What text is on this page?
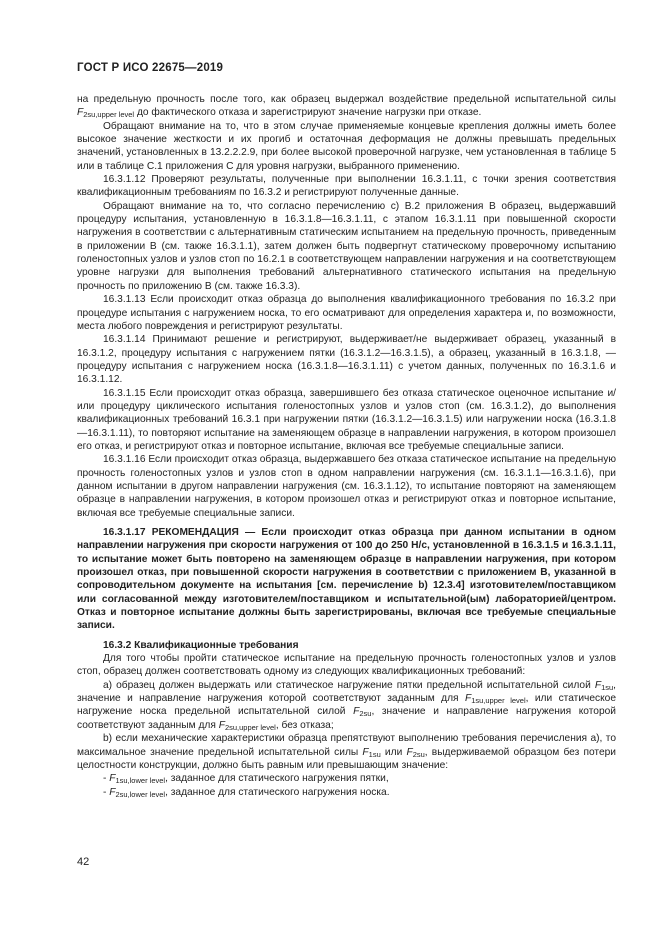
ГОСТ Р ИСО 22675—2019
на предельную прочность после того, как образец выдержал воздействие предельной испытательной силы $F_{2su,upper level}$ до фактического отказа и зарегистрируют значение нагрузки при отказе.
Обращают внимание на то, что в этом случае применяемые концевые крепления должны иметь более высокое значение жесткости и их прогиб и остаточная деформация не должны превышать предельных значений, установленных в 13.2.2.2.9, при более высокой проверочной нагрузке, чем установленная в таблице 5 или в таблице С.1 приложения С для уровня нагрузки, выбранного применению.
16.3.1.12 Проверяют результаты, полученные при выполнении 16.3.1.11, с точки зрения соответствия квалификационным требованиям по 16.3.2 и регистрируют полученные данные.
Обращают внимание на то, что согласно перечислению с) В.2 приложения В образец, выдержавший процедуру испытания, установленную в 16.3.1.8—16.3.1.11, с этапом 16.3.1.11 при повышенной скорости нагружения в соответствии с альтернативным статическим испытанием на предельную прочность, приведенным в приложении В (см. также 16.3.1.1), затем должен быть подвергнут статическому проверочному испытанию голеностопных узлов и узлов стоп по 16.2.1 в соответствующем направлении нагружения и на соответствующем уровне нагрузки для выполнения требований альтернативного статического испытания на предельную прочность по приложению В (см. также 16.3.3).
16.3.1.13 Если происходит отказ образца до выполнения квалификационного требования по 16.3.2 при процедуре испытания с нагружением носка, то его осматривают для определения характера и, по возможности, места любого повреждения и регистрируют результаты.
16.3.1.14 Принимают решение и регистрируют, выдерживает/не выдерживает образец, указанный в 16.3.1.2, процедуру испытания с нагружением пятки (16.3.1.2—16.3.1.5), а образец, указанный в 16.3.1.8, — процедуру испытания с нагружением носка (16.3.1.8—16.3.1.11) с учетом данных, полученных по 16.3.1.6 и 16.3.1.12.
16.3.1.15 Если происходит отказ образца, завершившего без отказа статическое оценочное испытание и/или процедуру циклического испытания голеностопных узлов и узлов стоп (см. 16.3.1.2), до выполнения квалификационных требований 16.3.1 при нагружении пятки (16.3.1.2—16.3.1.5) или нагружении носка (16.3.1.8—16.3.1.11), то повторяют испытание на заменяющем образце в направлении нагружения, в котором произошел его отказ, и регистрируют отказ и повторное испытание, включая все требуемые специальные записи.
16.3.1.16 Если происходит отказ образца, выдержавшего без отказа статическое испытание на предельную прочность голеностопных узлов и узлов стоп в одном направлении нагружения (см. 16.3.1.1—16.3.1.6), при данном испытании в другом направлении нагружения (см. 16.3.1.12), то испытание повторяют на заменяющем образце в направлении нагружения, в котором произошел отказ и регистрируют отказ и повторное испытание, включая все требуемые специальные записи.
16.3.1.17 РЕКОМЕНДАЦИЯ — Если происходит отказ образца при данном испытании в одном направлении нагружения при скорости нагружения от 100 до 250 Н/с, установленной в 16.3.1.5 и 16.3.1.11, то испытание может быть повторено на заменяющем образце в направлении нагружения, при котором произошел отказ, при повышенной скорости нагружения в соответствии с приложением В, указанной в сопроводительном документе на испытания [см. перечисление b) 12.3.4] изготовителем/поставщиком или согласованной между изготовителем/поставщиком и испытательной(ым) лабораторией/центром. Отказ и повторное испытание должны быть зарегистрированы, включая все требуемые специальные записи.
16.3.2 Квалификационные требования
Для того чтобы пройти статическое испытание на предельную прочность голеностопных узлов и узлов стоп, образец должен соответствовать одному из следующих квалификационных требований:
а) образец должен выдержать или статическое нагружение пятки предельной испытательной силой $F_{1su}$, значение и направление нагружения которой соответствуют заданным для $F_{1su,upper level}$, или статическое нагружение носка предельной испытательной силой $F_{2su}$, значение и направление нагружения которой соответствуют заданным для $F_{2su,upper level}$, без отказа;
b) если механические характеристики образца препятствуют выполнению требования перечисления а), то максимальное значение предельной испытательной силы $F_{1su}$ или $F_{2su}$, выдерживаемой образцом без потери целостности конструкции, должно быть равным или превышающим значение:
- $F_{1su,lower level}$, заданное для статического нагружения пятки,
- $F_{2su,lower level}$, заданное для статического нагружения носка.
42
